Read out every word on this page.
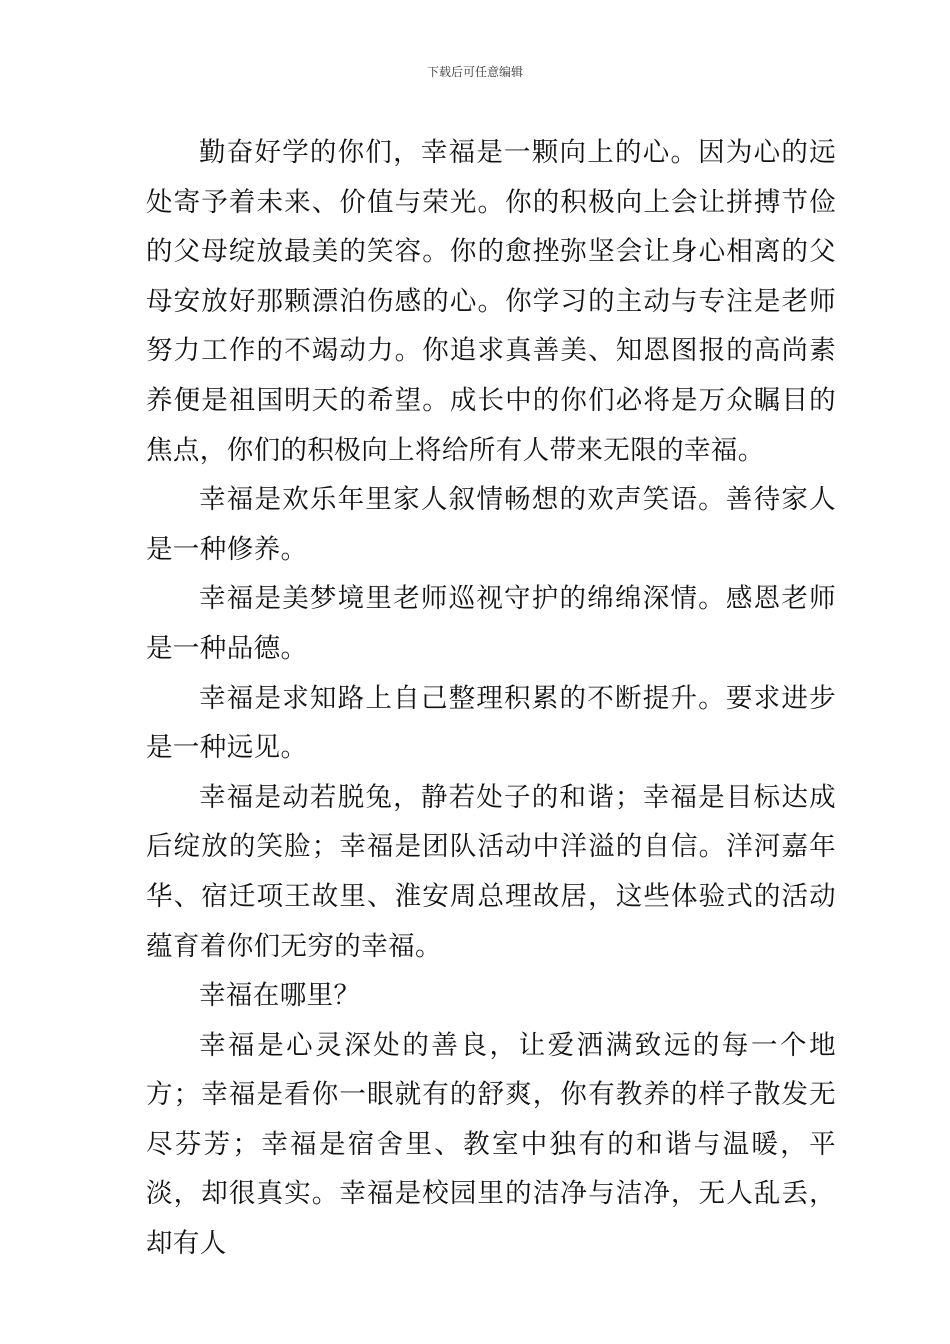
下载后可任意编辑

勤奋好学的你们，幸福是一颗向上的心。因为心的远处寄予着未来、价值与荣光。你的积极向上会让拼搏节俭的父母绽放最美的笑容。你的愈挫弥坚会让身心相离的父母安放好那颗漂泊伤感的心。你学习的主动与专注是老师努力工作的不竭动力。你追求真善美、知恩图报的高尚素养便是祖国明天的希望。成长中的你们必将是万众瞩目的焦点，你们的积极向上将给所有人带来无限的幸福。

幸福是欢乐年里家人叙情畅想的欢声笑语。善待家人是一种修养。

幸福是美梦境里老师巡视守护的绵绵深情。感恩老师是一种品德。

幸福是求知路上自己整理积累的不断提升。要求进步是一种远见。

幸福是动若脱兔，静若处子的和谐；幸福是目标达成后绽放的笑脸；幸福是团队活动中洋溢的自信。洋河嘉年华、宿迁项王故里、淮安周总理故居，这些体验式的活动蕴育着你们无穷的幸福。

幸福在哪里？

幸福是心灵深处的善良，让爱洒满致远的每一个地方；幸福是看你一眼就有的舒爽，你有教养的样子散发无尽芬芳；幸福是宿舍里、教室中独有的和谐与温暖，平淡，却很真实。幸福是校园里的洁净与洁净，无人乱丢，却有人
